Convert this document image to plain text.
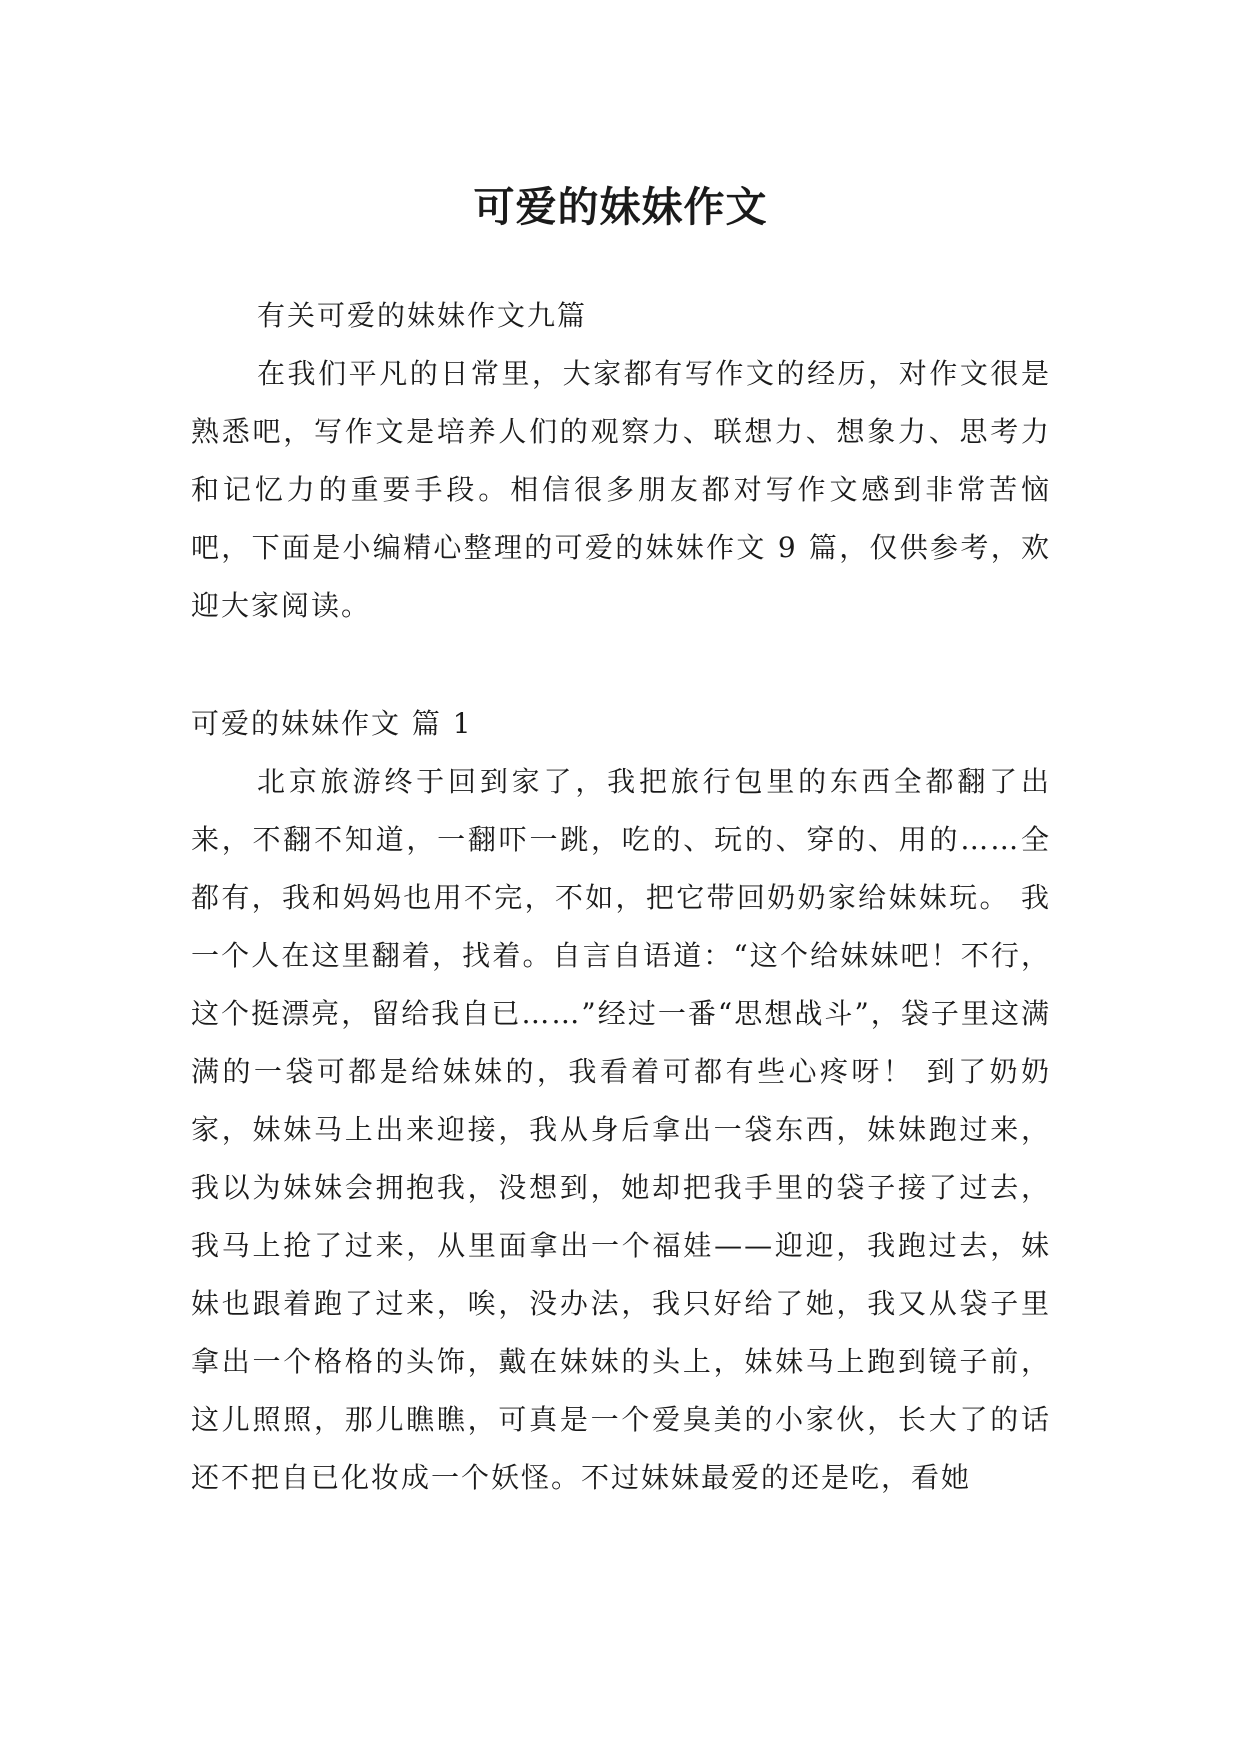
可爱的妹妹作文

有关可爱的妹妹作文九篇

在我们平凡的日常里，大家都有写作文的经历，对作文很是熟悉吧，写作文是培养人们的观察力、联想力、想象力、思考力和记忆力的重要手段。相信很多朋友都对写作文感到非常苦恼吧，下面是小编精心整理的可爱的妹妹作文 9 篇，仅供参考，欢迎大家阅读。

可爱的妹妹作文 篇 1

北京旅游终于回到家了，我把旅行包里的东西全都翻了出来，不翻不知道，一翻吓一跳，吃的、玩的、穿的、用的……全都有，我和妈妈也用不完，不如，把它带回奶奶家给妹妹玩。 我一个人在这里翻着，找着。自言自语道：“这个给妹妹吧！不行，这个挺漂亮，留给我自已……”经过一番“思想战斗”，袋子里这满满的一袋可都是给妹妹的，我看着可都有些心疼呀！ 到了奶奶家，妹妹马上出来迎接，我从身后拿出一袋东西，妹妹跑过来，我以为妹妹会拥抱我，没想到，她却把我手里的袋子接了过去，我马上抢了过来，从里面拿出一个福娃——迎迎，我跑过去，妹妹也跟着跑了过来，唉，没办法，我只好给了她，我又从袋子里拿出一个格格的头饰，戴在妹妹的头上，妹妹马上跑到镜子前，这儿照照，那儿瞧瞧，可真是一个爱臭美的小家伙，长大了的话还不把自已化妆成一个妖怪。不过妹妹最爱的还是吃，看她
